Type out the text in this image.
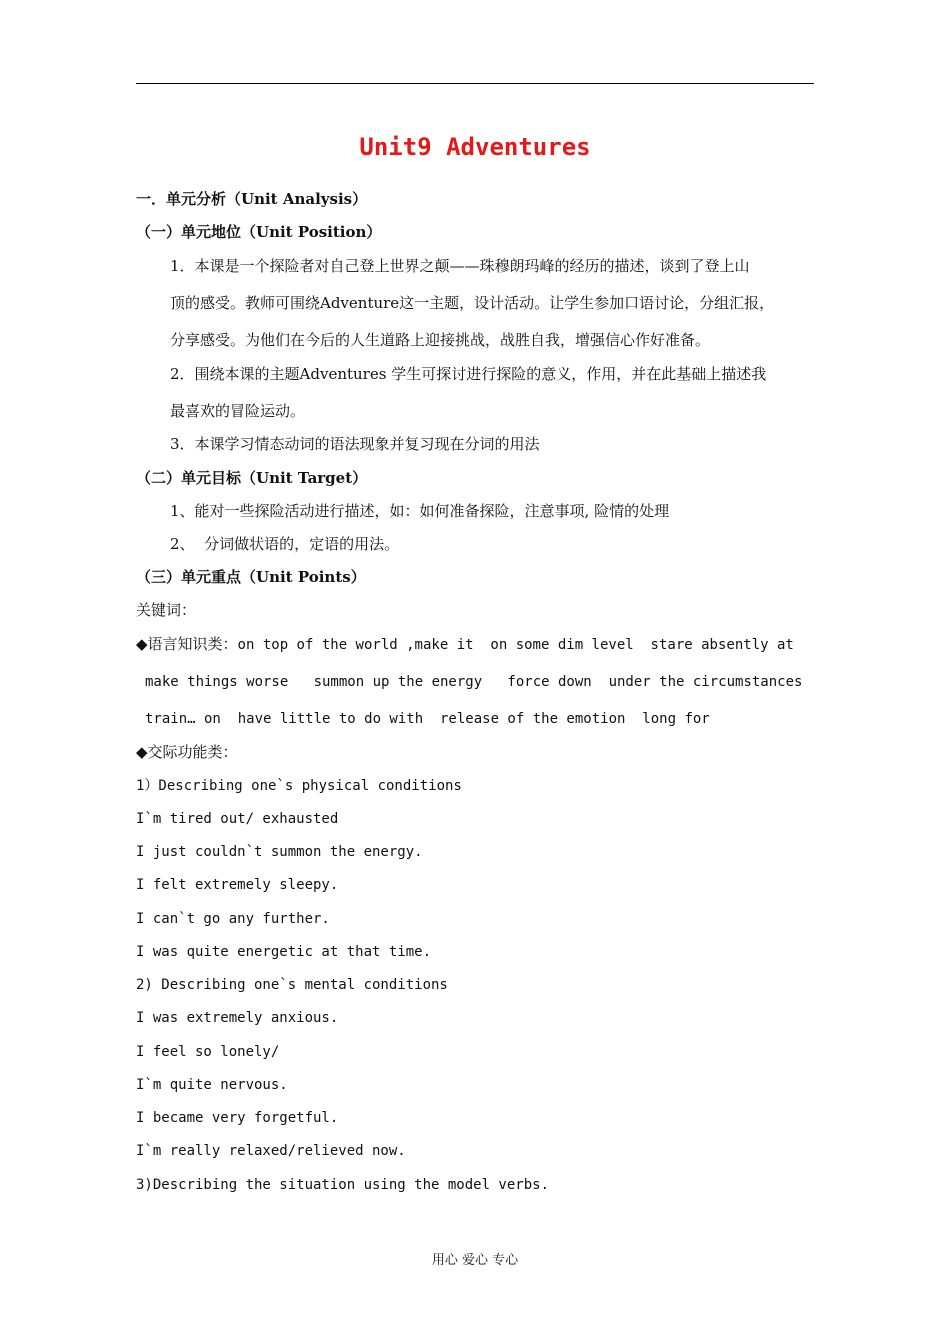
Unit9 Adventures
一．单元分析（Unit Analysis）
（一）单元地位（Unit Position）
1．本课是一个探险者对自己登上世界之颠——珠穆朗玛峰的经历的描述，谈到了登上山
顶的感受。教师可围绕Adventure这一主题，设计活动。让学生参加口语讨论，分组汇报，
分享感受。为他们在今后的人生道路上迎接挑战，战胜自我，增强信心作好准备。
2．围绕本课的主题Adventures 学生可探讨进行探险的意义，作用，并在此基础上描述我
最喜欢的冒险运动。
3．本课学习情态动词的语法现象并复习现在分词的用法
（二）单元目标（Unit Target）
1、能对一些探险活动进行描述，如：如何准备探险，注意事项, 险情的处理
2、  分词做状语的，定语的用法。
（三）单元重点（Unit Points）
关键词：
◆语言知识类：on top of the world ,make it  on some dim level  stare absently at
make things worse   summon up the energy   force down  under the circumstances
train… on  have little to do with  release of the emotion  long for
◆交际功能类：
1）Describing one`s physical conditions
I`m tired out/ exhausted
I just couldn`t summon the energy.
I felt extremely sleepy.
I can`t go any further.
I was quite energetic at that time.
2) Describing one`s mental conditions
I was extremely anxious.
I feel so lonely/
I`m quite nervous.
I became very forgetful.
I`m really relaxed/relieved now.
3)Describing the situation using the model verbs.
用心 爱心 专心
